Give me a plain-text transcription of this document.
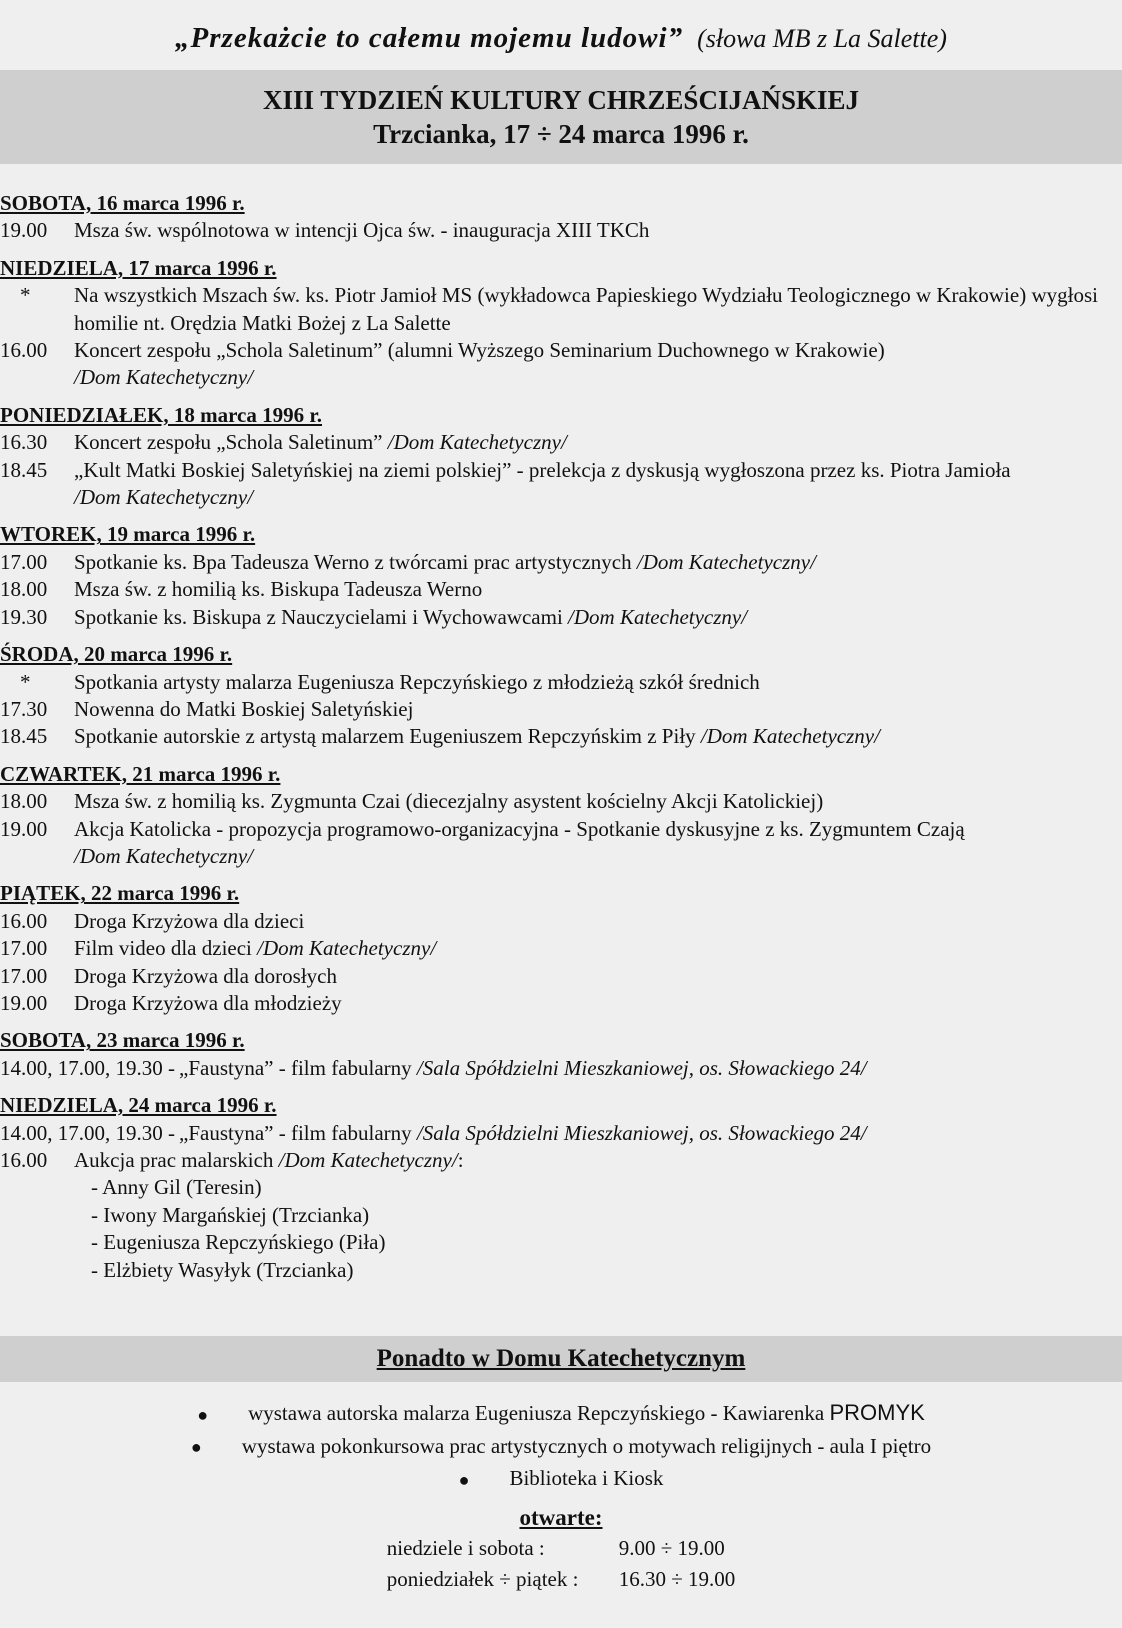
„Przekażcie to całemu mojemu ludowi” (słowa MB z La Salette)
XIII TYDZIEŃ KULTURY CHRZEŚCIJAŃSKIEJ
Trzcianka, 17 ÷ 24 marca 1996 r.
SOBOTA, 16 marca 1996 r.
19.00	Msza św. wspólnotowa w intencji Ojca św. - inauguracja XIII TKCh
NIEDZIELA, 17 marca 1996 r.
*	Na wszystkich Mszach św. ks. Piotr Jamioł MS (wykładowca Papieskiego Wydziału Teologicznego w Krakowie) wygłosi homilie nt. Orędzia Matki Bożej z La Salette
16.00	Koncert zespołu „Schola Saletinum” (alumni Wyższego Seminarium Duchownego w Krakowie)
/Dom Katechetyczny/
PONIEDZIAŁEK, 18 marca 1996 r.
16.30	Koncert zespołu „Schola Saletinum” /Dom Katechetyczny/
18.45	„Kult Matki Boskiej Saletyńskiej na ziemi polskiej” - prelekcja z dyskusją wygłoszona przez ks. Piotra Jamioła
/Dom Katechetyczny/
WTOREK, 19 marca 1996 r.
17.00	Spotkanie ks. Bpa Tadeusza Werno z twórcami prac artystycznych /Dom Katechetyczny/
18.00	Msza św. z homilią ks. Biskupa Tadeusza Werno
19.30	Spotkanie ks. Biskupa z Nauczycielami i Wychowawcami /Dom Katechetyczny/
ŚRODA, 20 marca 1996 r.
*	Spotkania artysty malarza Eugeniusza Repczyńskiego z młodzieżą szkół średnich
17.30	Nowenna do Matki Boskiej Saletyńskiej
18.45	Spotkanie autorskie z artystą malarzem Eugeniuszem Repczyńskim z Piły /Dom Katechetyczny/
CZWARTEK, 21 marca 1996 r.
18.00	Msza św. z homilią ks. Zygmunta Czai (diecezjalny asystent kościelny Akcji Katolickiej)
19.00	Akcja Katolicka - propozycja programowo-organizacyjna - Spotkanie dyskusyjne z ks. Zygmuntem Czają
/Dom Katechetyczny/
PIĄTEK, 22 marca 1996 r.
16.00	Droga Krzyżowa dla dzieci
17.00	Film video dla dzieci /Dom Katechetyczny/
17.00	Droga Krzyżowa dla dorosłych
19.00	Droga Krzyżowa dla młodzieży
SOBOTA, 23 marca 1996 r.
14.00, 17.00, 19.30 - „Faustyna” - film fabularny /Sala Spółdzielni Mieszkaniowej, os. Słowackiego 24/
NIEDZIELA, 24 marca 1996 r.
14.00, 17.00, 19.30 - „Faustyna” - film fabularny /Sala Spółdzielni Mieszkaniowej, os. Słowackiego 24/
16.00	Aukcja prac malarskich /Dom Katechetyczny/:
- Anny Gil (Teresin)
- Iwony Margańskiej (Trzcianka)
- Eugeniusza Repczyńskiego (Piła)
- Elżbiety Wasyłyk (Trzcianka)
Ponadto w Domu Katechetycznym
● wystawa autorska malarza Eugeniusza Repczyńskiego - Kawiarenka PROMYK
● wystawa pokonkursowa prac artystycznych o motywach religijnych - aula I piętro
● Biblioteka i Kiosk
otwarte:
niedziele i sobota :	9.00 ÷ 19.00
poniedziałek ÷ piątek :	16.30 ÷ 19.00
